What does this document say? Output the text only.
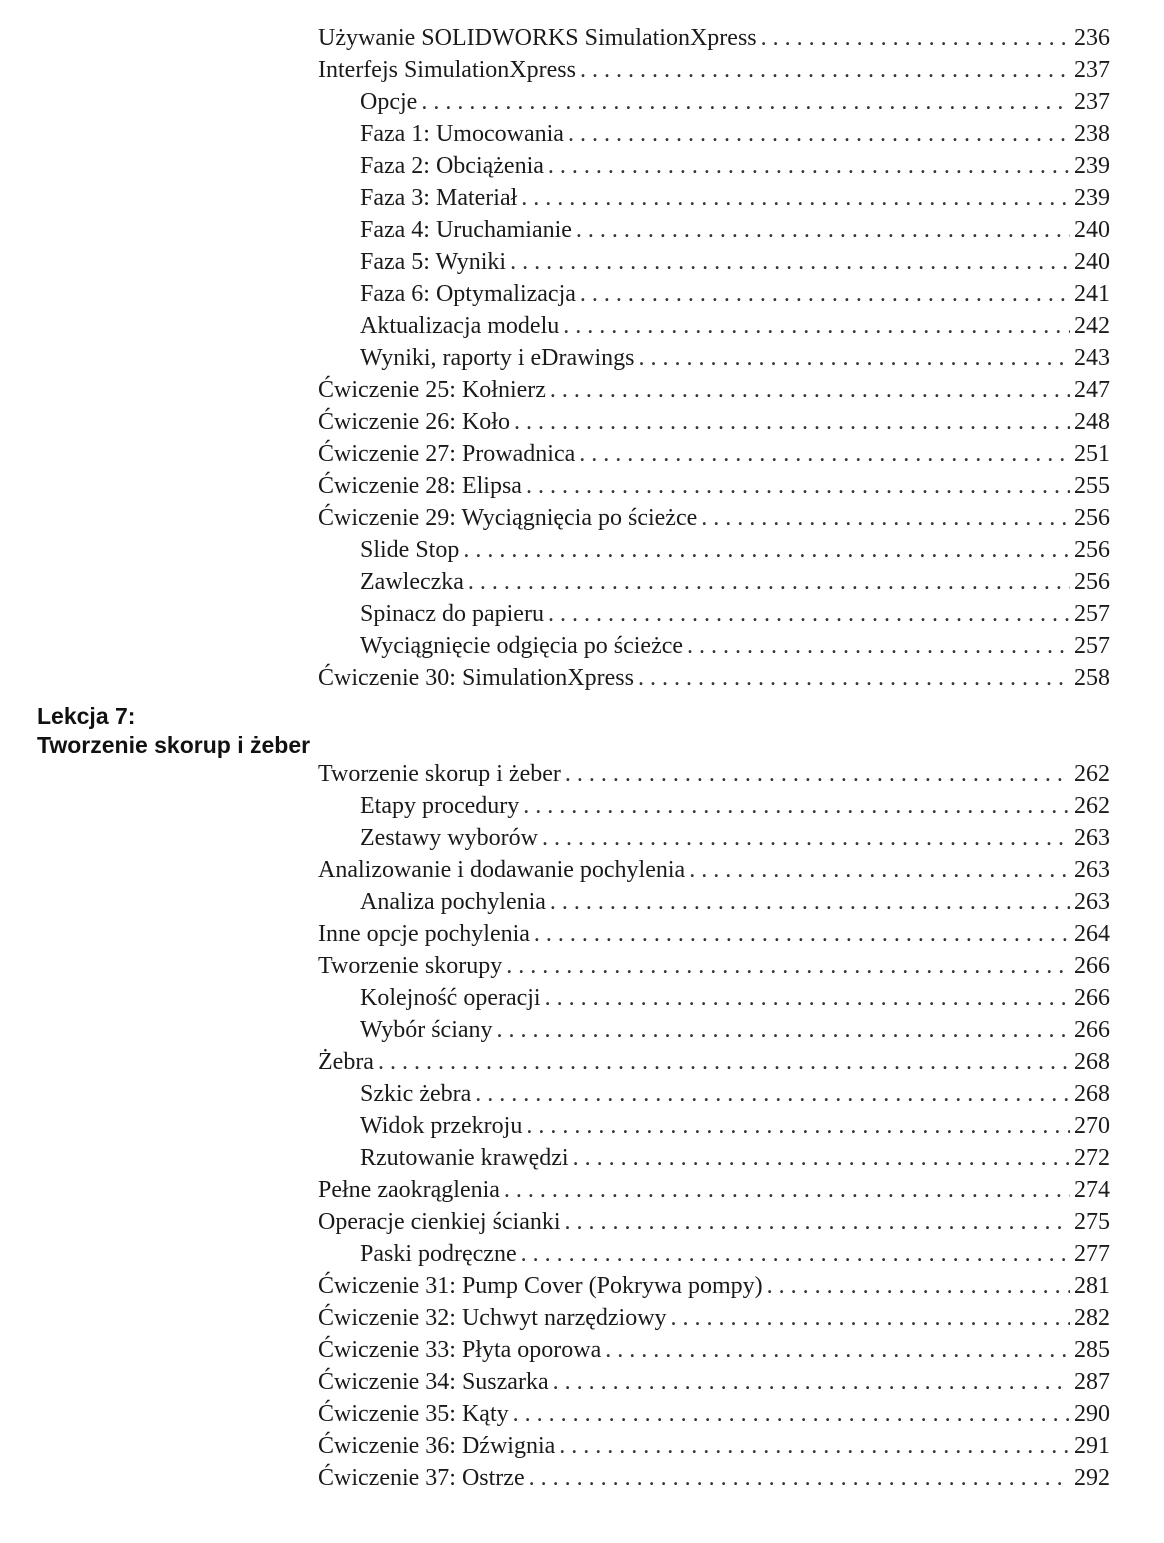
Używanie SOLIDWORKS SimulationXpress . . .	236
Interfejs SimulationXpress . . .	237
Opcje . . .	237
Faza 1: Umocowania . . .	238
Faza 2: Obciążenia . . .	239
Faza 3: Materiał . . .	239
Faza 4: Uruchamianie . . .	240
Faza 5: Wyniki . . .	240
Faza 6: Optymalizacja . . .	241
Aktualizacja modelu . . .	242
Wyniki, raporty i eDrawings . . .	243
Ćwiczenie 25: Kołnierz . . .	247
Ćwiczenie 26: Koło . . .	248
Ćwiczenie 27: Prowadnica . . .	251
Ćwiczenie 28: Elipsa . . .	255
Ćwiczenie 29: Wyciągnięcia po ścieżce . . .	256
Slide Stop . . .	256
Zawleczka . . .	256
Spinacz do papieru . . .	257
Wyciągnięcie odgięcia po ścieżce . . .	257
Ćwiczenie 30: SimulationXpress . . .	258
Lekcja 7:
Tworzenie skorup i żeber
Tworzenie skorup i żeber . . .	262
Etapy procedury . . .	262
Zestawy wyborów . . .	263
Analizowanie i dodawanie pochylenia . . .	263
Analiza pochylenia . . .	263
Inne opcje pochylenia . . .	264
Tworzenie skorupy . . .	266
Kolejność operacji . . .	266
Wybór ściany . . .	266
Żebra . . .	268
Szkic żebra . . .	268
Widok przekroju . . .	270
Rzutowanie krawędzi . . .	272
Pełne zaokrąglenia . . .	274
Operacje cienkiej ścianki . . .	275
Paski podręczne . . .	277
Ćwiczenie 31: Pump Cover (Pokrywa pompy) . . .	281
Ćwiczenie 32: Uchwyt narzędziowy . . .	282
Ćwiczenie 33: Płyta oporowa . . .	285
Ćwiczenie 34: Suszarka . . .	287
Ćwiczenie 35: Kąty . . .	290
Ćwiczenie 36: Dźwignia . . .	291
Ćwiczenie 37: Ostrze . . .	292
